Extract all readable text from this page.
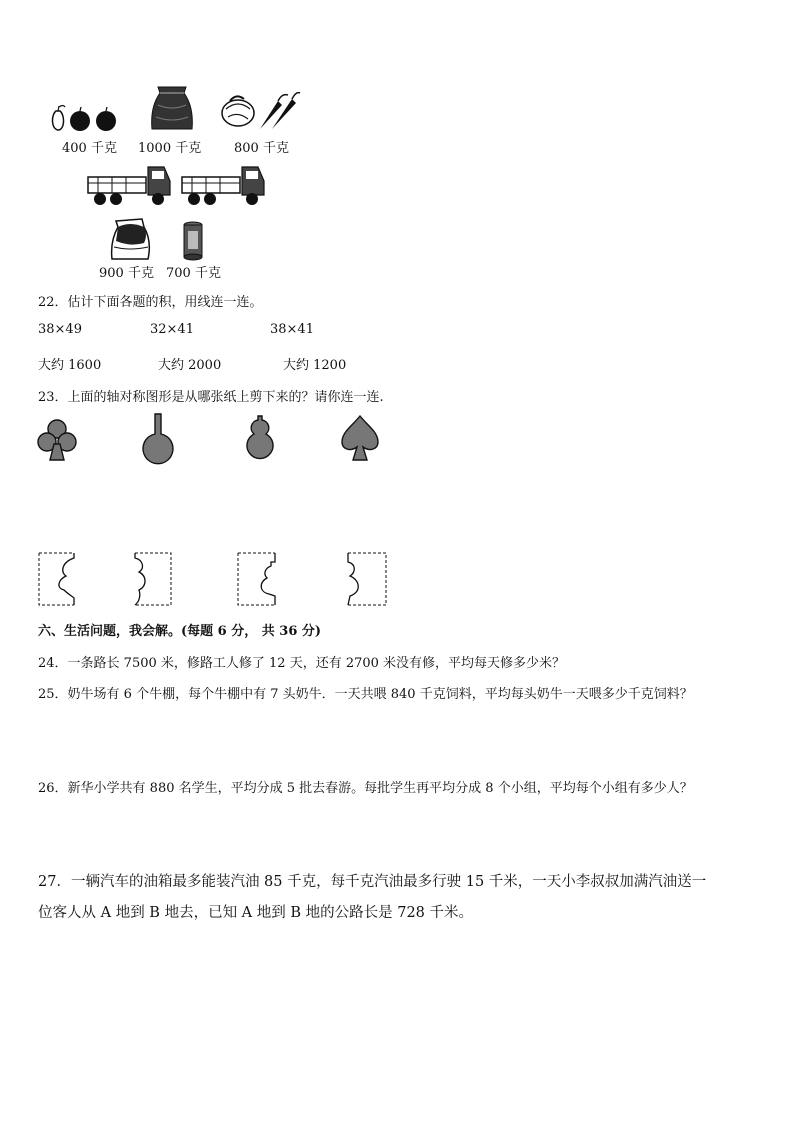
400 千克 1000 千克	800 千克
900 千克 700 千克
22．估计下面各题的积，用线连一连。
38×49	32×41	38×41
大约 1600	大约 2000	大约 1200
23．上面的轴对称图形是从哪张纸上剪下来的？请你连一连.
六、生活问题，我会解。(每题 6 分， 共 36 分)
24．一条路长 7500 米，修路工人修了 12 天，还有 2700 米没有修，平均每天修多少米？
25．奶牛场有 6 个牛棚，每个牛棚中有 7 头奶牛．一天共喂 840 千克饲料，平均每头奶牛一天喂多少千克饲料？
26．新华小学共有 880 名学生，平均分成 5 批去春游。每批学生再平均分成 8 个小组，平均每个小组有多少人？
27．一辆汽车的油箱最多能装汽油 85 千克，每千克汽油最多行驶 15 千米，一天小李叔叔加满汽油送一
位客人从 A 地到 B 地去，已知 A 地到 B 地的公路长是 728 千米。
